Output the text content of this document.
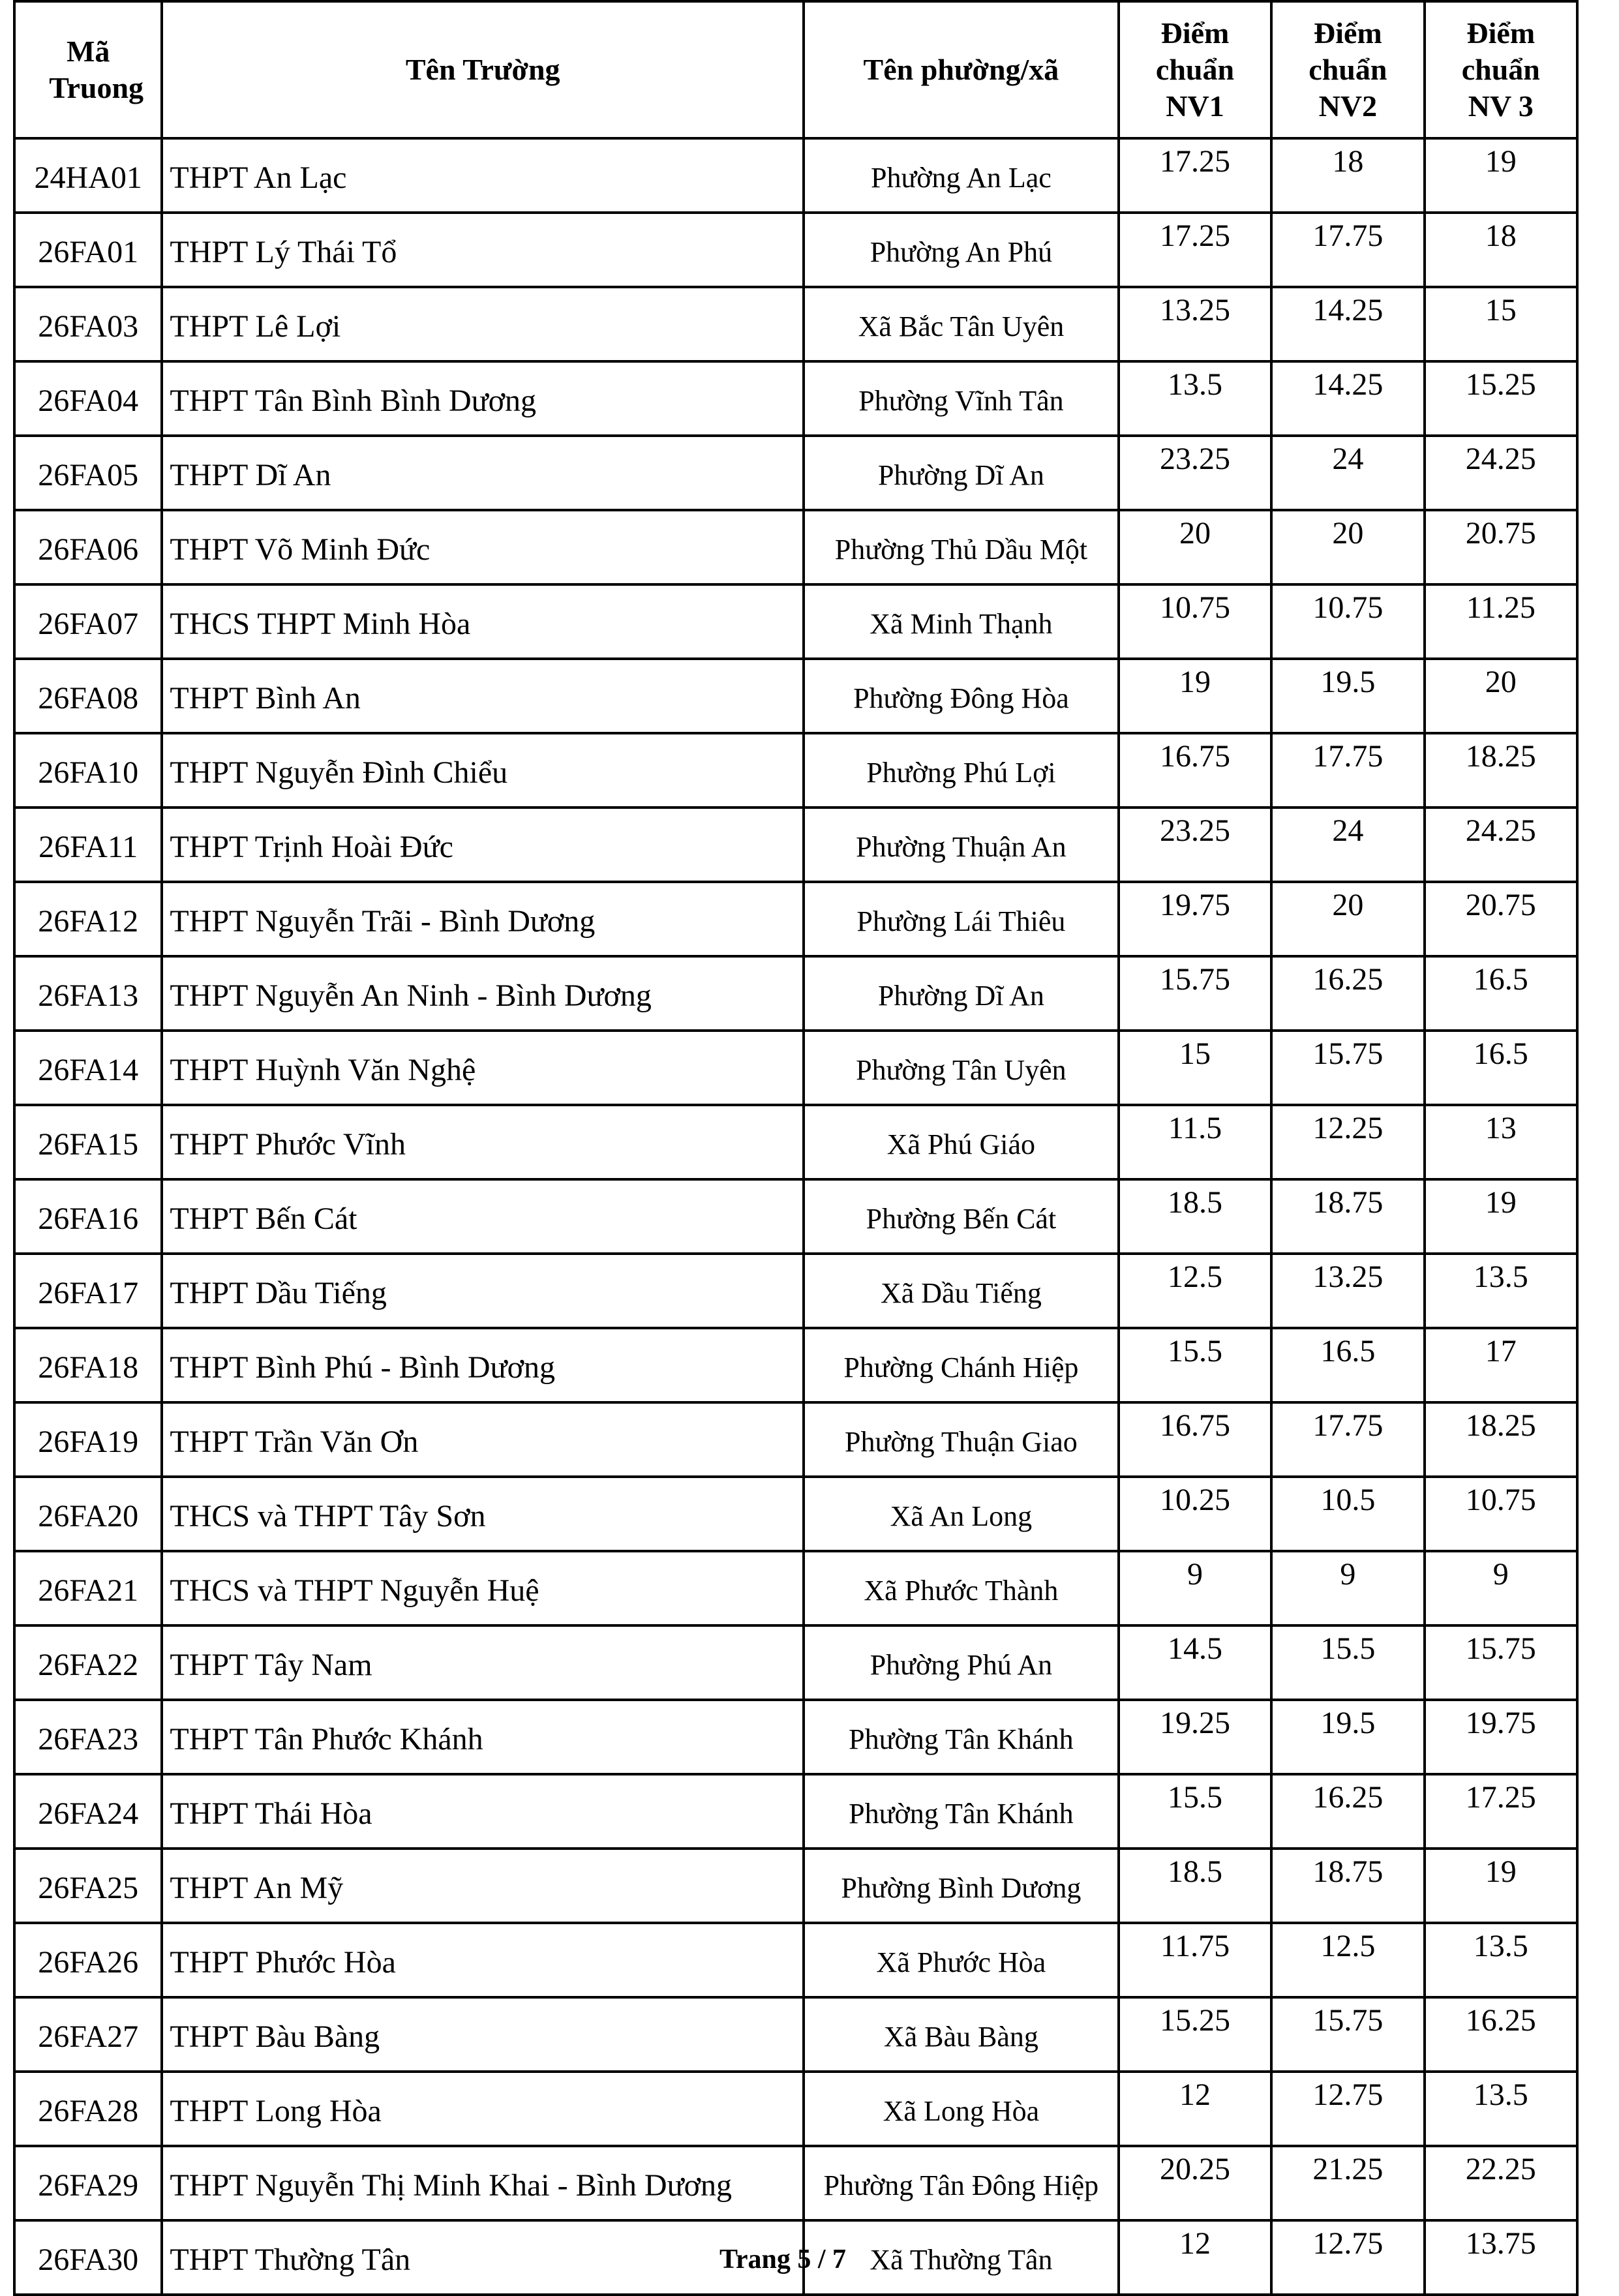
Mã Truong	Tên Trường	Tên phường/xã	Điểm chuẩn NV1	Điểm chuẩn NV2	Điểm chuẩn NV 3
24HA01	THPT An Lạc	Phường An Lạc	17.25	18	19
26FA01	THPT Lý Thái Tổ	Phường An Phú	17.25	17.75	18
26FA03	THPT Lê Lợi	Xã Bắc Tân Uyên	13.25	14.25	15
26FA04	THPT Tân Bình Bình Dương	Phường Vĩnh Tân	13.5	14.25	15.25
26FA05	THPT Dĩ An	Phường Dĩ An	23.25	24	24.25
26FA06	THPT Võ Minh Đức	Phường Thủ Dầu Một	20	20	20.75
26FA07	THCS THPT Minh Hòa	Xã Minh Thạnh	10.75	10.75	11.25
26FA08	THPT Bình An	Phường Đông Hòa	19	19.5	20
26FA10	THPT Nguyễn Đình Chiểu	Phường Phú Lợi	16.75	17.75	18.25
26FA11	THPT Trịnh Hoài Đức	Phường Thuận An	23.25	24	24.25
26FA12	THPT Nguyễn Trãi - Bình Dương	Phường Lái Thiêu	19.75	20	20.75
26FA13	THPT Nguyễn An Ninh - Bình Dương	Phường Dĩ An	15.75	16.25	16.5
26FA14	THPT Huỳnh Văn Nghệ	Phường Tân Uyên	15	15.75	16.5
26FA15	THPT Phước Vĩnh	Xã Phú Giáo	11.5	12.25	13
26FA16	THPT Bến Cát	Phường Bến Cát	18.5	18.75	19
26FA17	THPT Dầu Tiếng	Xã Dầu Tiếng	12.5	13.25	13.5
26FA18	THPT Bình Phú - Bình Dương	Phường Chánh Hiệp	15.5	16.5	17
26FA19	THPT Trần Văn Ơn	Phường Thuận Giao	16.75	17.75	18.25
26FA20	THCS và THPT Tây Sơn	Xã An Long	10.25	10.5	10.75
26FA21	THCS và THPT Nguyễn Huệ	Xã Phước Thành	9	9	9
26FA22	THPT Tây Nam	Phường Phú An	14.5	15.5	15.75
26FA23	THPT Tân Phước Khánh	Phường Tân Khánh	19.25	19.5	19.75
26FA24	THPT Thái Hòa	Phường Tân Khánh	15.5	16.25	17.25
26FA25	THPT An Mỹ	Phường Bình Dương	18.5	18.75	19
26FA26	THPT Phước Hòa	Xã Phước Hòa	11.75	12.5	13.5
26FA27	THPT Bàu Bàng	Xã Bàu Bàng	15.25	15.75	16.25
26FA28	THPT Long Hòa	Xã Long Hòa	12	12.75	13.5
26FA29	THPT Nguyễn Thị Minh Khai - Bình Dương	Phường Tân Đông Hiệp	20.25	21.25	22.25
26FA30	THPT Thường Tân	Xã Thường Tân	12	12.75	13.75
Trang 5 / 7
